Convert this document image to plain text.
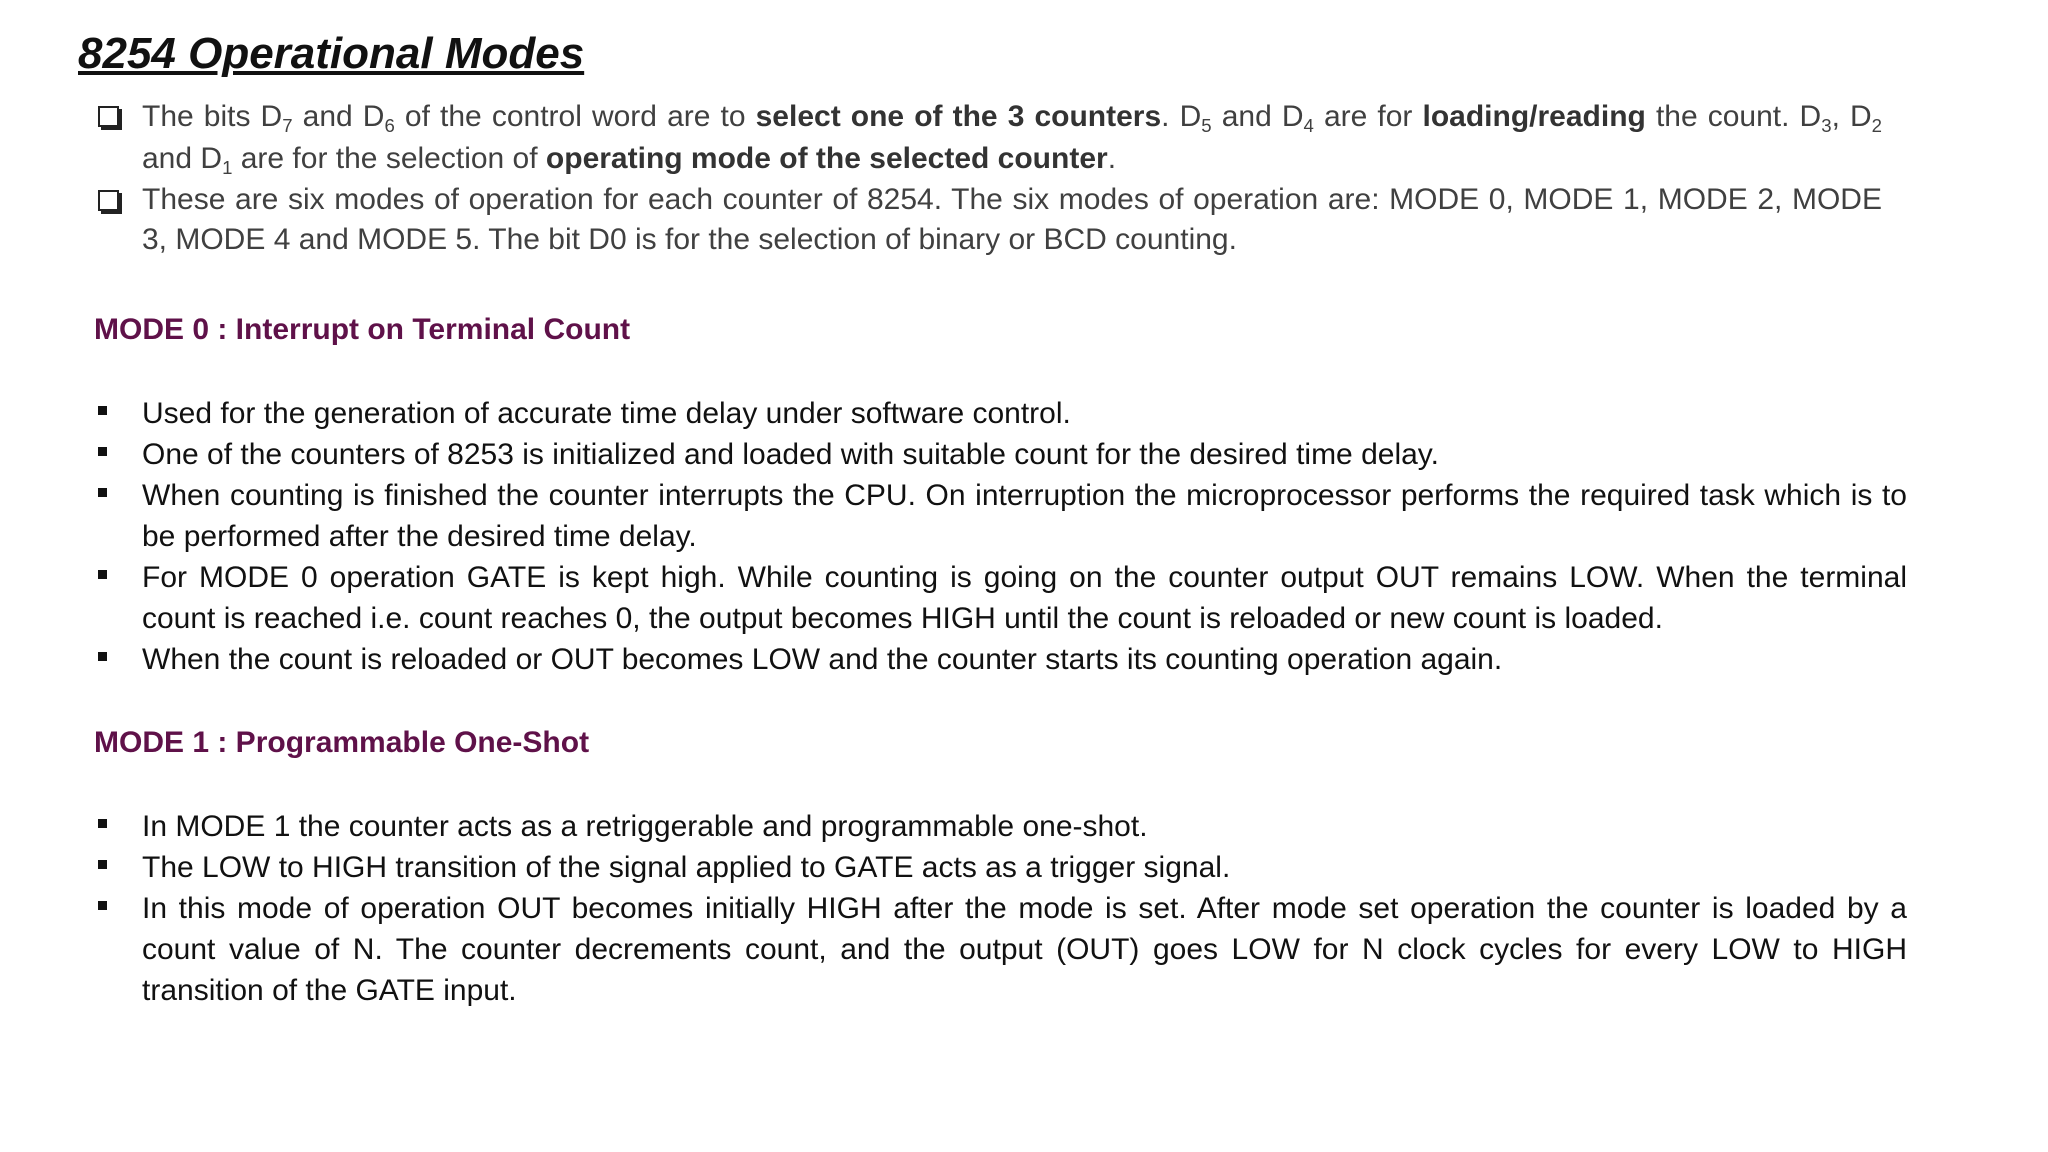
8254 Operational Modes
The bits $D_7$ and $D_6$ of the control word are to select one of the 3 counters. $D_5$ and $D_4$ are for loading/reading the count. $D_3$, $D_2$ and $D_1$ are for the selection of operating mode of the selected counter.
These are six modes of operation for each counter of 8254. The six modes of operation are: MODE 0, MODE 1, MODE 2, MODE 3, MODE 4 and MODE 5. The bit D0 is for the selection of binary or BCD counting.
MODE 0 : Interrupt on Terminal Count
Used for the generation of accurate time delay under software control.
One of the counters of 8253 is initialized and loaded with suitable count for the desired time delay.
When counting is finished the counter interrupts the CPU. On interruption the microprocessor performs the required task which is to be performed after the desired time delay.
For MODE 0 operation GATE is kept high. While counting is going on the counter output OUT remains LOW. When the terminal count is reached i.e. count reaches 0, the output becomes HIGH until the count is reloaded or new count is loaded.
When the count is reloaded or OUT becomes LOW and the counter starts its counting operation again.
MODE 1 : Programmable One-Shot
In MODE 1 the counter acts as a retriggerable and programmable one-shot.
The LOW to HIGH transition of the signal applied to GATE acts as a trigger signal.
In this mode of operation OUT becomes initially HIGH after the mode is set. After mode set operation the counter is loaded by a count value of N. The counter decrements count, and the output (OUT) goes LOW for N clock cycles for every LOW to HIGH transition of the GATE input.
